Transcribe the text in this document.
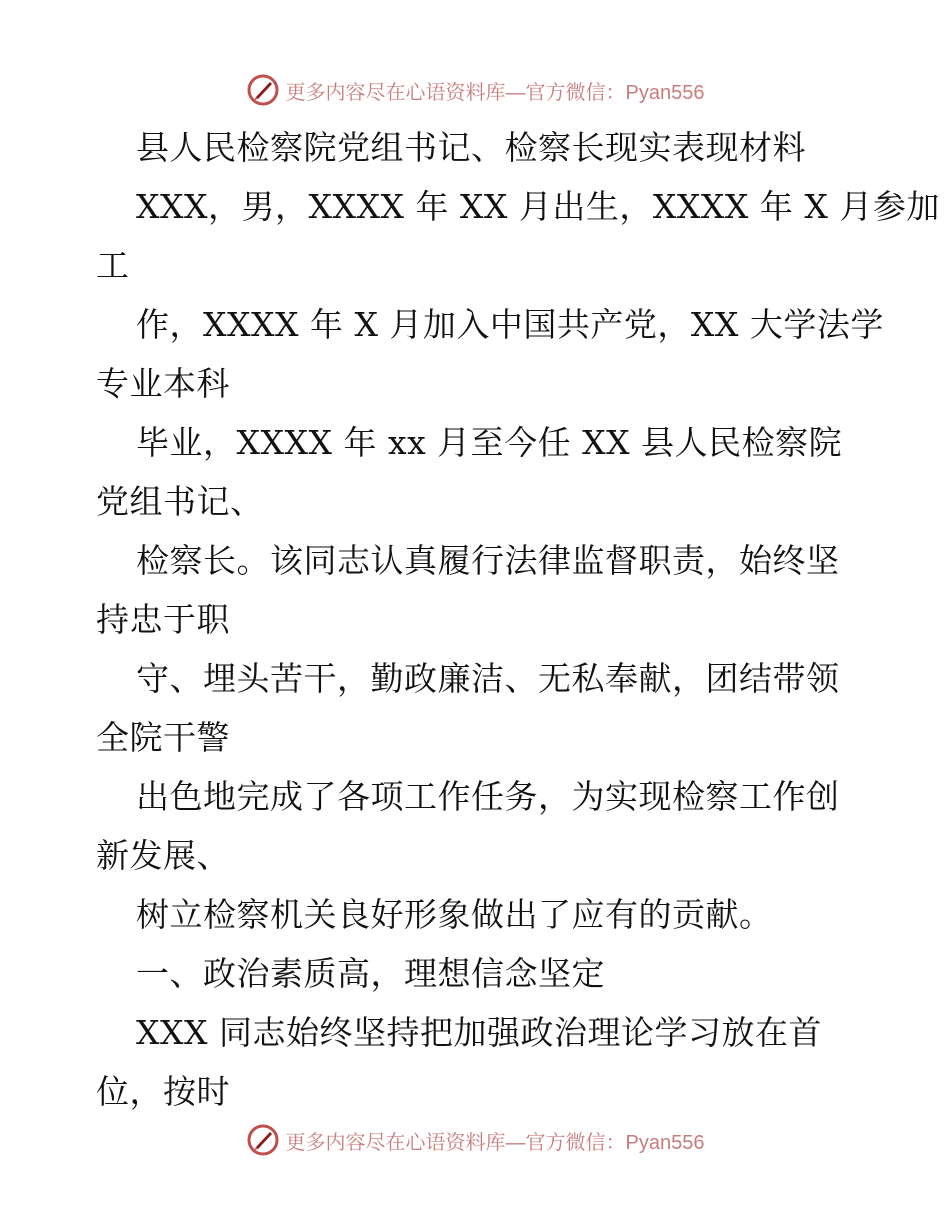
更多内容尽在心语资料库—官方微信：Pyan556
县人民检察院党组书记、检察长现实表现材料
XXX，男，XXXX 年 XX 月出生，XXXX 年 X 月参加
工
作，XXXX 年 X 月加入中国共产党，XX 大学法学
专业本科
毕业，XXXX 年 xx 月至今任 XX 县人民检察院
党组书记、
检察长。该同志认真履行法律监督职责，始终坚
持忠于职
守、埋头苦干，勤政廉洁、无私奉献，团结带领
全院干警
出色地完成了各项工作任务，为实现检察工作创
新发展、
树立检察机关良好形象做出了应有的贡献。
一、政治素质高，理想信念坚定
XXX 同志始终坚持把加强政治理论学习放在首
位，按时
更多内容尽在心语资料库—官方微信：Pyan556
